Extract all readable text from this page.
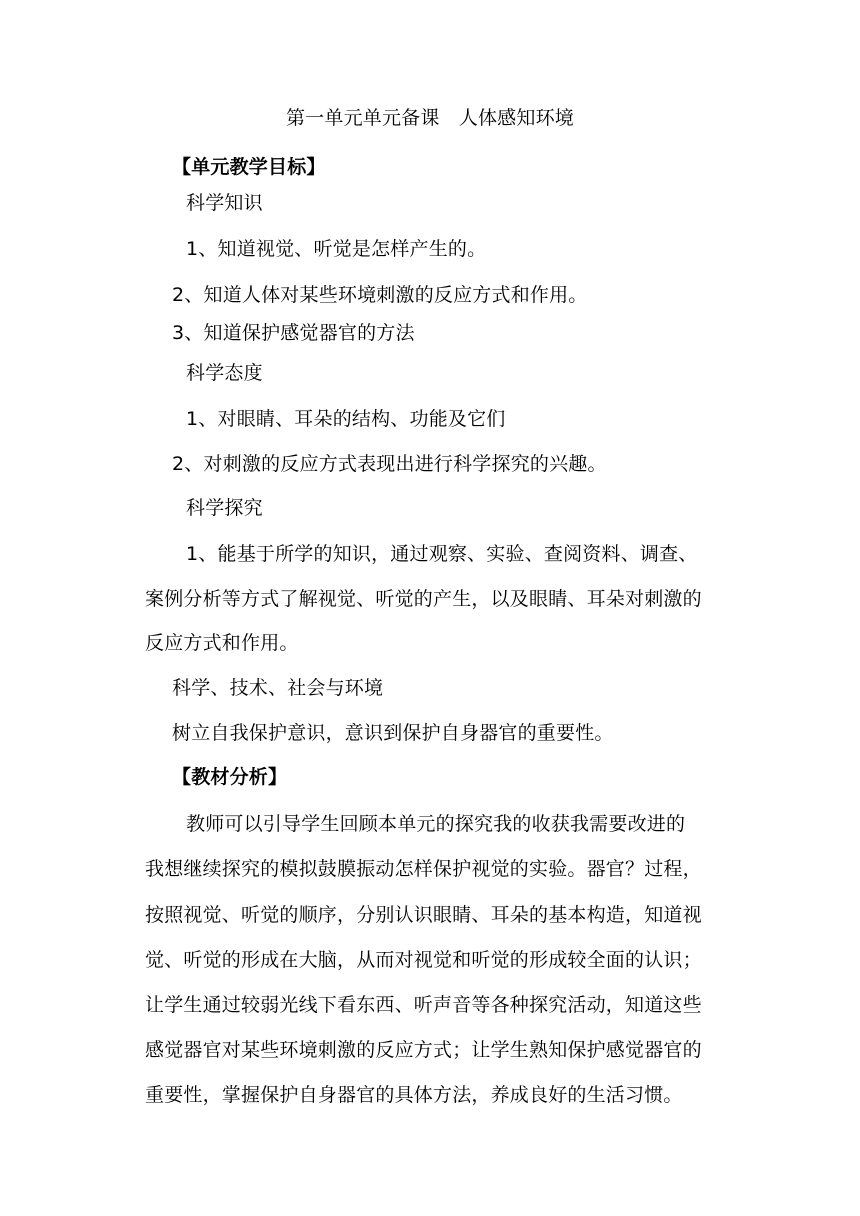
第一单元单元备课　人体感知环境
【单元教学目标】
科学知识
1、知道视觉、听觉是怎样产生的。
2、知道人体对某些环境刺激的反应方式和作用。
3、知道保护感觉器官的方法
科学态度
1、对眼睛、耳朵的结构、功能及它们
2、对刺激的反应方式表现出进行科学探究的兴趣。
科学探究
1、能基于所学的知识，通过观察、实验、查阅资料、调查、
案例分析等方式了解视觉、听觉的产生，以及眼睛、耳朵对刺激的
反应方式和作用。
科学、技术、社会与环境
树立自我保护意识，意识到保护自身器官的重要性。
【教材分析】
教师可以引导学生回顾本单元的探究我的收获我需要改进的
我想继续探究的模拟鼓膜振动怎样保护视觉的实验。器官？过程，
按照视觉、听觉的顺序，分别认识眼睛、耳朵的基本构造，知道视
觉、听觉的形成在大脑，从而对视觉和听觉的形成较全面的认识；
让学生通过较弱光线下看东西、听声音等各种探究活动，知道这些
感觉器官对某些环境刺激的反应方式；让学生熟知保护感觉器官的
重要性，掌握保护自身器官的具体方法，养成良好的生活习惯。
